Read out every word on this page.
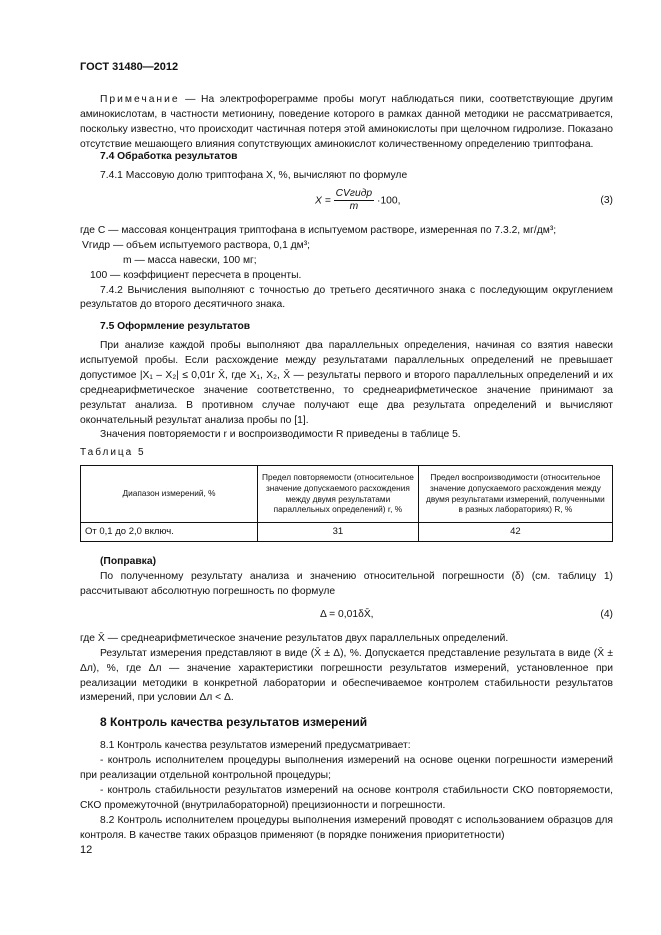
ГОСТ 31480—2012

Примечание — На электрофореграмме пробы могут наблюдаться пики, соответствующие другим аминокислотам, в частности метионину, поведение которого в рамках данной методики не рассматривается, поскольку известно, что происходит частичная потеря этой аминокислоты при щелочном гидролизе. Показано отсутствие мешающего влияния сопутствующих аминокислот количественному определению триптофана.

7.4 Обработка результатов

7.4.1 Массовую долю триптофана X, %, вычисляют по формуле

$X = \frac{\text{CVгидр}}{m} \cdot 100$,	(3)
где C — массовая концентрация триптофана в испытуемом растворе, измеренная по 7.3.2, мг/дм³;
Vгидр — объем испытуемого раствора, 0,1 дм³;
m — масса навески, 100 мг;
100 — коэффициент пересчета в проценты.

7.4.2 Вычисления выполняют с точностью до третьего десятичного знака с последующим округлением результатов до второго десятичного знака.

7.5 Оформление результатов

При анализе каждой пробы выполняют два параллельных определения, начиная со взятия навески испытуемой пробы. Если расхождение между результатами параллельных определений не превышает допустимое |X₁ – X₂| ≤ 0,01r X̄, где X₁, X₂, X̄ — результаты первого и второго параллельных определений и их среднеарифметическое значение соответственно, то среднеарифметическое значение принимают за результат анализа. В противном случае получают еще два результата определений и вычисляют окончательный результат анализа пробы по [1].

Значения повторяемости r и воспроизводимости R приведены в таблице 5.

Таблица 5
Диапазон измерений, %	Предел повторяемости (относительное значение допускаемого расхождения между двумя результатами параллельных определений) r, %	Предел воспроизводимости (относительное значение допускаемого расхождения между двумя результатами измерений, полученными в разных лабораториях) R, %
От 0,1 до 2,0 включ.	31	42

(Поправка)

По полученному результату анализа и значению относительной погрешности (δ) (см. таблицу 1) рассчитывают абсолютную погрешность по формуле

Δ = 0,01δX̄,	(4)

где X̄ — среднеарифметическое значение результатов двух параллельных определений.

Результат измерения представляют в виде (X̄ ± Δ), %. Допускается представление результата в виде (X̄ ± Δл), %, где Δл — значение характеристики погрешности результатов измерений, установленное при реализации методики в конкретной лаборатории и обеспечиваемое контролем стабильности результатов измерений, при условии Δл < Δ.

8 Контроль качества результатов измерений

8.1 Контроль качества результатов измерений предусматривает:

- контроль исполнителем процедуры выполнения измерений на основе оценки погрешности измерений при реализации отдельной контрольной процедуры;

- контроль стабильности результатов измерений на основе контроля стабильности СКО повторяемости, СКО промежуточной (внутрилабораторной) прецизионности и погрешности.

8.2 Контроль исполнителем процедуры выполнения измерений проводят с использованием образцов для контроля. В качестве таких образцов применяют (в порядке понижения приоритетности)

12
